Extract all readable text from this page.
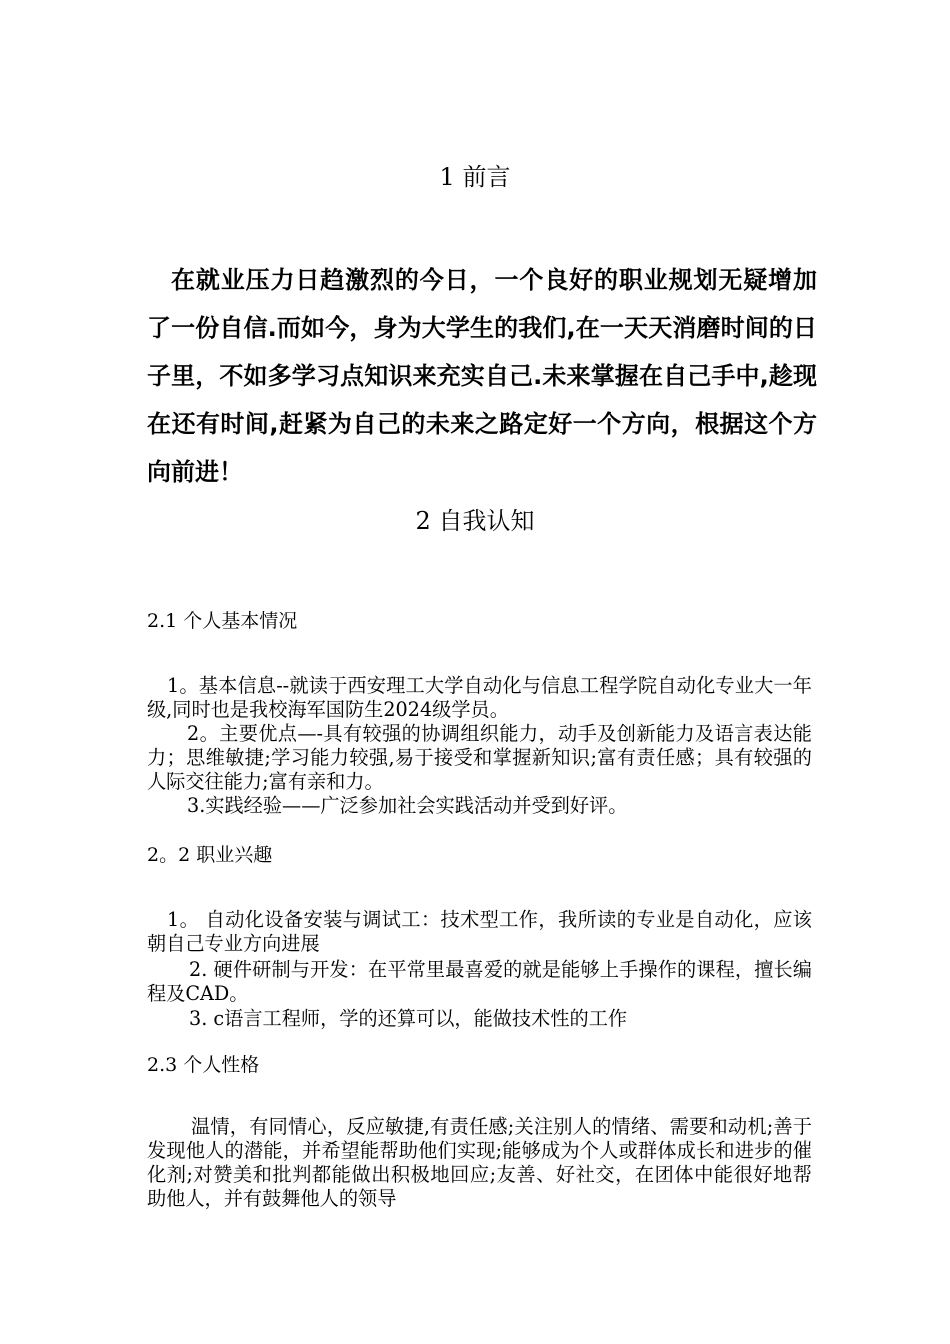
1 前言
在就业压力日趋激烈的今日，一个良好的职业规划无疑增加了一份自信.而如今，身为大学生的我们,在一天天消磨时间的日子里，不如多学习点知识来充实自己.未来掌握在自己手中,趁现在还有时间,赶紧为自己的未来之路定好一个方向，根据这个方向前进！
2 自我认知
2.1 个人基本情况

1。基本信息--就读于西安理工大学自动化与信息工程学院自动化专业大一年级,同时也是我校海军国防生2024级学员。

2。主要优点—-具有较强的协调组织能力，动手及创新能力及语言表达能力；思维敏捷;学习能力较强,易于接受和掌握新知识;富有责任感；具有较强的人际交往能力;富有亲和力。

3.实践经验——广泛参加社会实践活动并受到好评。

2。2 职业兴趣

1。 自动化设备安装与调试工：技术型工作，我所读的专业是自动化，应该朝自己专业方向进展

2. 硬件研制与开发：在平常里最喜爱的就是能够上手操作的课程，擅长编程及CAD。

3. c语言工程师，学的还算可以，能做技术性的工作

2.3 个人性格

温情，有同情心，反应敏捷,有责任感;关注别人的情绪、需要和动机;善于发现他人的潜能，并希望能帮助他们实现;能够成为个人或群体成长和进步的催化剂;对赞美和批判都能做出积极地回应;友善、好社交，在团体中能很好地帮助他人，并有鼓舞他人的领导
